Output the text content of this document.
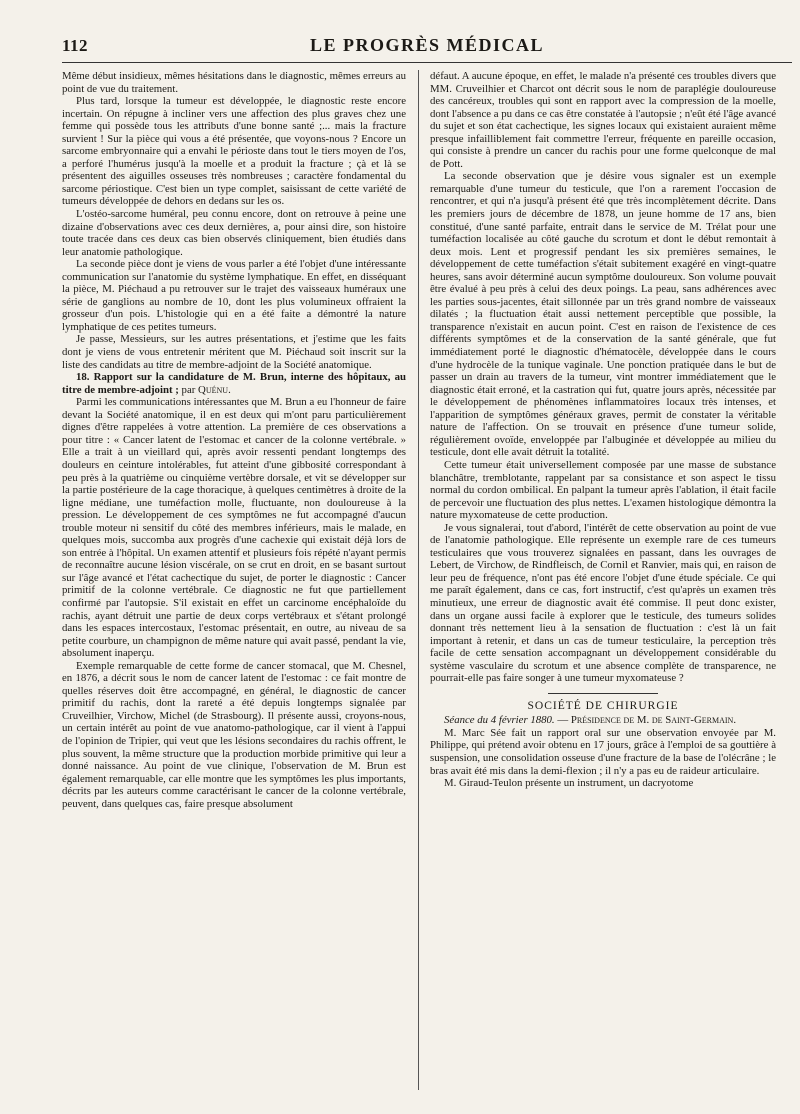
112	LE PROGRÈS MÉDICAL

Même début insidieux, mêmes hésitations dans le diagnostic, mêmes erreurs au point de vue du traitement.

Plus tard, lorsque la tumeur est développée, le diagnostic reste encore incertain. On répugne à incliner vers une affection des plus graves chez une femme qui possède tous les attributs d'une bonne santé ;... mais la fracture survient ! Sur la pièce qui vous a été présentée, que voyons-nous ? Encore un sarcome embryonnaire qui a envahi le périoste dans tout le tiers moyen de l'os, a perforé l'humérus jusqu'à la moelle et a produit la fracture ; çà et là se présentent des aiguilles osseuses très nombreuses ; caractère fondamental du sarcome périostique. C'est bien un type complet, saisissant de cette variété de tumeurs développée de dehors en dedans sur les os.

L'ostéo-sarcome huméral, peu connu encore, dont on retrouve à peine une dizaine d'observations avec ces deux dernières, a, pour ainsi dire, son histoire toute tracée dans ces deux cas bien observés cliniquement, bien étudiés dans leur anatomie pathologique.

La seconde pièce dont je viens de vous parler a été l'objet d'une intéressante communication sur l'anatomie du système lymphatique. En effet, en disséquant la pièce, M. Piéchaud a pu retrouver sur le trajet des vaisseaux huméraux une série de ganglions au nombre de 10, dont les plus volumineux offraient la grosseur d'un pois. L'histologie qui en a été faite a démontré la nature lymphatique de ces petites tumeurs.

Je passe, Messieurs, sur les autres présentations, et j'estime que les faits dont je viens de vous entretenir méritent que M. Piéchaud soit inscrit sur la liste des candidats au titre de membre-adjoint de la Société anatomique.

18. Rapport sur la candidature de M. Brun, interne des hôpitaux, au titre de membre-adjoint ; par Quénu.

Parmi les communications intéressantes que M. Brun a eu l'honneur de faire devant la Société anatomique, il en est deux qui m'ont paru particulièrement dignes d'être rappelées à votre attention. La première de ces observations a pour titre : « Cancer latent de l'estomac et cancer de la colonne vertébrale. » Elle a trait à un vieillard qui, après avoir ressenti pendant longtemps des douleurs en ceinture intolérables, fut atteint d'une gibbosité correspondant à peu près à la quatrième ou cinquième vertèbre dorsale, et vit se développer sur la partie postérieure de la cage thoracique, à quelques centimètres à droite de la ligne médiane, une tuméfaction molle, fluctuante, non douloureuse à la pression. Le développement de ces symptômes ne fut accompagné d'aucun trouble moteur ni sensitif du côté des membres inférieurs, mais le malade, en quelques mois, succomba aux progrès d'une cachexie qui existait déjà lors de son entrée à l'hôpital. Un examen attentif et plusieurs fois répété n'ayant permis de reconnaître aucune lésion viscérale, on se crut en droit, en se basant surtout sur l'âge avancé et l'état cachectique du sujet, de porter le diagnostic : Cancer primitif de la colonne vertébrale. Ce diagnostic ne fut que partiellement confirmé par l'autopsie. S'il existait en effet un carcinome encéphaloïde du rachis, ayant détruit une partie de deux corps vertébraux et s'étant prolongé dans les espaces intercostaux, l'estomac présentait, en outre, au niveau de sa petite courbure, un champignon de même nature qui avait passé, pendant la vie, absolument inaperçu.

Exemple remarquable de cette forme de cancer stomacal, que M. Chesnel, en 1876, a décrit sous le nom de cancer latent de l'estomac : ce fait montre de quelles réserves doit être accompagné, en général, le diagnostic de cancer primitif du rachis, dont la rareté a été depuis longtemps signalée par Cruveilhier, Virchow, Michel (de Strasbourg). Il présente aussi, croyons-nous, un certain intérêt au point de vue anatomo-pathologique, car il vient à l'appui de l'opinion de Tripier, qui veut que les lésions secondaires du rachis offrent, le plus souvent, la même structure que la production morbide primitive qui leur a donné naissance. Au point de vue clinique, l'observation de M. Brun est également remarquable, car elle montre que les symptômes les plus importants, décrits par les auteurs comme caractérisant le cancer de la colonne vertébrale, peuvent, dans quelques cas, faire presque absolument

défaut. A aucune époque, en effet, le malade n'a présenté ces troubles divers que MM. Cruveilhier et Charcot ont décrit sous le nom de paraplégie douloureuse des cancéreux, troubles qui sont en rapport avec la compression de la moelle, dont l'absence a pu dans ce cas être constatée à l'autopsie ; n'eût été l'âge avancé du sujet et son état cachectique, les signes locaux qui existaient auraient même presque infailliblement fait commettre l'erreur, fréquente en pareille occasion, qui consiste à prendre un cancer du rachis pour une forme quelconque de mal de Pott.

La seconde observation que je désire vous signaler est un exemple remarquable d'une tumeur du testicule, que l'on a rarement l'occasion de rencontrer, et qui n'a jusqu'à présent été que très incomplètement décrite. Dans les premiers jours de décembre de 1878, un jeune homme de 17 ans, bien constitué, d'une santé parfaite, entrait dans le service de M. Trélat pour une tuméfaction localisée au côté gauche du scrotum et dont le début remontait à deux mois. Lent et progressif pendant les six premières semaines, le développement de cette tuméfaction s'était subitement exagéré en vingt-quatre heures, sans avoir déterminé aucun symptôme douloureux. Son volume pouvait être évalué à peu près à celui des deux poings. La peau, sans adhérences avec les parties sous-jacentes, était sillonnée par un très grand nombre de vaisseaux dilatés ; la fluctuation était aussi nettement perceptible que possible, la transparence n'existait en aucun point. C'est en raison de l'existence de ces différents symptômes et de la conservation de la santé générale, que fut immédiatement porté le diagnostic d'hématocèle, développée dans le cours d'une hydrocèle de la tunique vaginale. Une ponction pratiquée dans le but de passer un drain au travers de la tumeur, vint montrer immédiatement que le diagnostic était erroné, et la castration qui fut, quatre jours après, nécessitée par le développement de phénomènes inflammatoires locaux très intenses, et l'apparition de symptômes généraux graves, permit de constater la véritable nature de l'affection. On se trouvait en présence d'une tumeur solide, régulièrement ovoïde, enveloppée par l'albuginée et développée au milieu du testicule, dont elle avait détruit la totalité.

Cette tumeur était universellement composée par une masse de substance blanchâtre, tremblotante, rappelant par sa consistance et son aspect le tissu normal du cordon ombilical. En palpant la tumeur après l'ablation, il était facile de percevoir une fluctuation des plus nettes. L'examen histologique démontra la nature myxomateuse de cette production.

Je vous signalerai, tout d'abord, l'intérêt de cette observation au point de vue de l'anatomie pathologique. Elle représente un exemple rare de ces tumeurs testiculaires que vous trouverez signalées en passant, dans les ouvrages de Lebert, de Virchow, de Rindfleisch, de Cornil et Ranvier, mais qui, en raison de leur peu de fréquence, n'ont pas été encore l'objet d'une étude spéciale. Ce qui me paraît également, dans ce cas, fort instructif, c'est qu'après un examen très minutieux, une erreur de diagnostic avait été commise. Il peut donc exister, dans un organe aussi facile à explorer que le testicule, des tumeurs solides donnant très nettement lieu à la sensation de fluctuation : c'est là un fait important à retenir, et dans un cas de tumeur testiculaire, la perception très facile de cette sensation accompagnant un développement considérable du système vasculaire du scrotum et une absence complète de transparence, ne pourrait-elle pas faire songer à une tumeur myxomateuse ?

SOCIÉTÉ DE CHIRURGIE

Séance du 4 février 1880. — Présidence de M. de Saint-Germain.

M. Marc Sée fait un rapport oral sur une observation envoyée par M. Philippe, qui prétend avoir obtenu en 17 jours, grâce à l'emploi de sa gouttière à suspension, une consolidation osseuse d'une fracture de la base de l'olécrâne ; le bras avait été mis dans la demi-flexion ; il n'y a pas eu de raideur articulaire.

M. Giraud-Teulon présente un instrument, un dacryotome
